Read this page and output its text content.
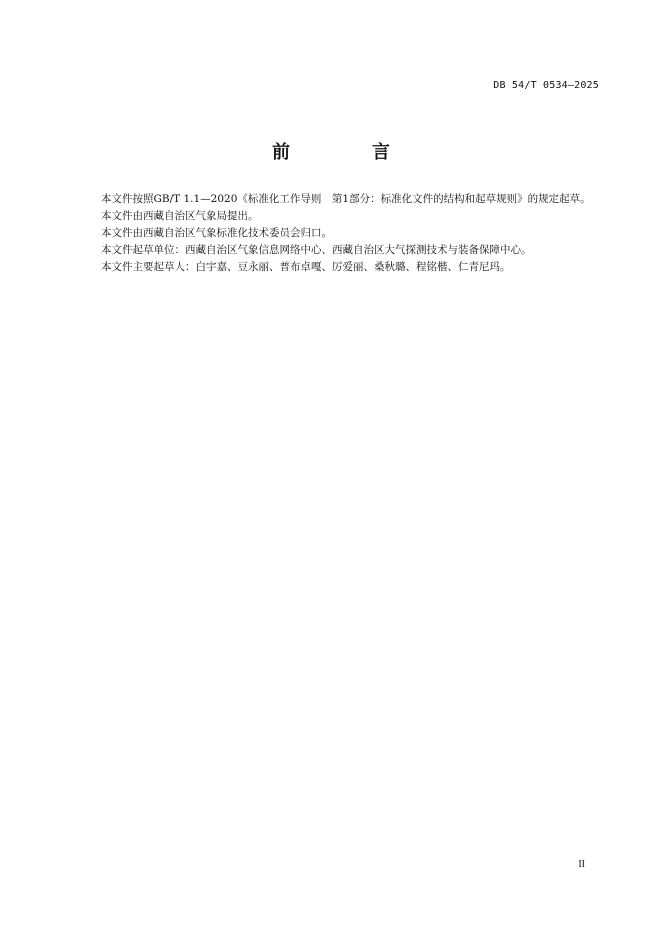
DB 54/T 0534—2025
前　言

本文件按照GB/T 1.1—2020《标准化工作导则　第1部分：标准化文件的结构和起草规则》的规定起草。

本文件由西藏自治区气象局提出。

本文件由西藏自治区气象标准化技术委员会归口。

本文件起草单位：西藏自治区气象信息网络中心、西藏自治区大气探测技术与装备保障中心。

本文件主要起草人：白宇嘉、豆永丽、普布卓嘎、厉爱丽、桑秋璐、程铭楷、仁青尼玛。

II
